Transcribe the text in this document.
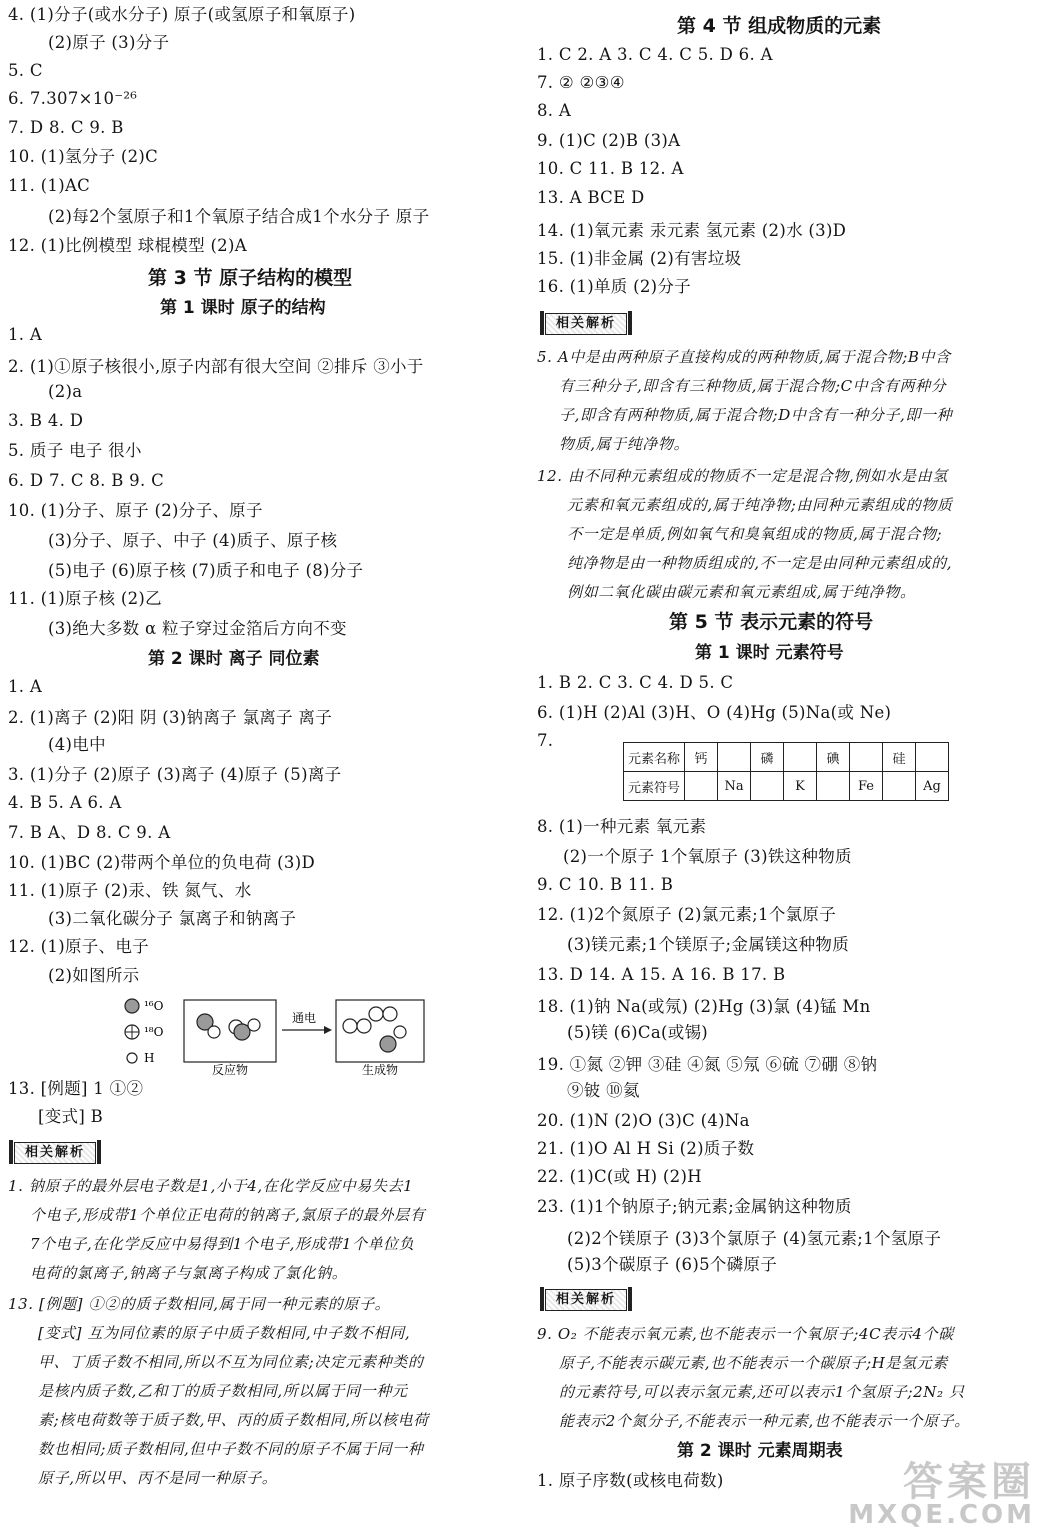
4. (1)分子(或水分子) 原子(或氢原子和氧原子)
(2)原子 (3)分子
5. C
6. 7.307×10⁻²⁶
7. D 8. C 9. B
10. (1)氢分子 (2)C
11. (1)AC
(2)每2个氢原子和1个氧原子结合成1个水分子 原子
12. (1)比例模型 球棍模型 (2)A
第 3 节 原子结构的模型
第 1 课时 原子的结构
1. A
2. (1)①原子核很小,原子内部有很大空间 ②排斥 ③小于
(2)a
3. B 4. D
5. 质子 电子 很小
6. D 7. C 8. B 9. C
10. (1)分子、原子 (2)分子、原子
(3)分子、原子、中子 (4)质子、原子核
(5)电子 (6)原子核 (7)质子和电子 (8)分子
11. (1)原子核 (2)乙
(3)绝大多数 α 粒子穿过金箔后方向不变
第 2 课时 离子 同位素
1. A
2. (1)离子 (2)阳 阴 (3)钠离子 氯离子 离子
(4)电中
3. (1)分子 (2)原子 (3)离子 (4)原子 (5)离子
4. B 5. A 6. A
7. B A、D 8. C 9. A
10. (1)BC (2)带两个单位的负电荷 (3)D
11. (1)原子 (2)汞、铁 氮气、水
(3)二氧化碳分子 氯离子和钠离子
12. (1)原子、电子
(2)如图所示
¹⁶O
¹⁸O
H
反应物
通电
生成物
13. [例题] 1 ①②
[变式] B
相关解析
1. 钠原子的最外层电子数是1,小于4,在化学反应中易失去1
个电子,形成带1个单位正电荷的钠离子,氯原子的最外层有
7个电子,在化学反应中易得到1个电子,形成带1个单位负
电荷的氯离子,钠离子与氯离子构成了氯化钠。
13. [例题] ①②的质子数相同,属于同一种元素的原子。
[变式] 互为同位素的原子中质子数相同,中子数不相同,
甲、丁质子数不相同,所以不互为同位素;决定元素种类的
是核内质子数,乙和丁的质子数相同,所以属于同一种元
素;核电荷数等于质子数,甲、丙的质子数相同,所以核电荷
数也相同;质子数相同,但中子数不同的原子不属于同一种
原子,所以甲、丙不是同一种原子。
第 4 节 组成物质的元素
1. C 2. A 3. C 4. C 5. D 6. A
7. ② ②③④
8. A
9. (1)C (2)B (3)A
10. C 11. B 12. A
13. A BCE D
14. (1)氧元素 汞元素 氢元素 (2)水 (3)D
15. (1)非金属 (2)有害垃圾
16. (1)单质 (2)分子
相关解析
5. A中是由两种原子直接构成的两种物质,属于混合物;B中含
有三种分子,即含有三种物质,属于混合物;C中含有两种分
子,即含有两种物质,属于混合物;D中含有一种分子,即一种
物质,属于纯净物。
12. 由不同种元素组成的物质不一定是混合物,例如水是由氢
元素和氧元素组成的,属于纯净物;由同种元素组成的物质
不一定是单质,例如氧气和臭氧组成的物质,属于混合物;
纯净物是由一种物质组成的,不一定是由同种元素组成的,
例如二氧化碳由碳元素和氧元素组成,属于纯净物。
第 5 节 表示元素的符号
第 1 课时 元素符号
1. B 2. C 3. C 4. D 5. C
6. (1)H (2)Al (3)H、O (4)Hg (5)Na(或 Ne)
7.
元素名称	钙		磷		碘		硅	
元素符号		Na		K		Fe		Ag
8. (1)一种元素 氧元素
(2)一个原子 1个氧原子 (3)铁这种物质
9. C 10. B 11. B
12. (1)2个氮原子 (2)氯元素;1个氯原子
(3)镁元素;1个镁原子;金属镁这种物质
13. D 14. A 15. A 16. B 17. B
18. (1)钠 Na(或氖) (2)Hg (3)氯 (4)锰 Mn
(5)镁 (6)Ca(或锡)
19. ①氮 ②钾 ③硅 ④氮 ⑤氖 ⑥硫 ⑦硼 ⑧钠
⑨铍 ⑩氦
20. (1)N (2)O (3)C (4)Na
21. (1)O Al H Si (2)质子数
22. (1)C(或 H) (2)H
23. (1)1个钠原子;钠元素;金属钠这种物质
(2)2个镁原子 (3)3个氯原子 (4)氢元素;1个氢原子
(5)3个碳原子 (6)5个磷原子
相关解析
9. O₂ 不能表示氧元素,也不能表示一个氧原子;4C表示4个碳
原子,不能表示碳元素,也不能表示一个碳原子;H是氢元素
的元素符号,可以表示氢元素,还可以表示1个氢原子;2N₂ 只
能表示2个氮分子,不能表示一种元素,也不能表示一个原子。
第 2 课时 元素周期表
1. 原子序数(或核电荷数)	答案圈
MXQE.COM
